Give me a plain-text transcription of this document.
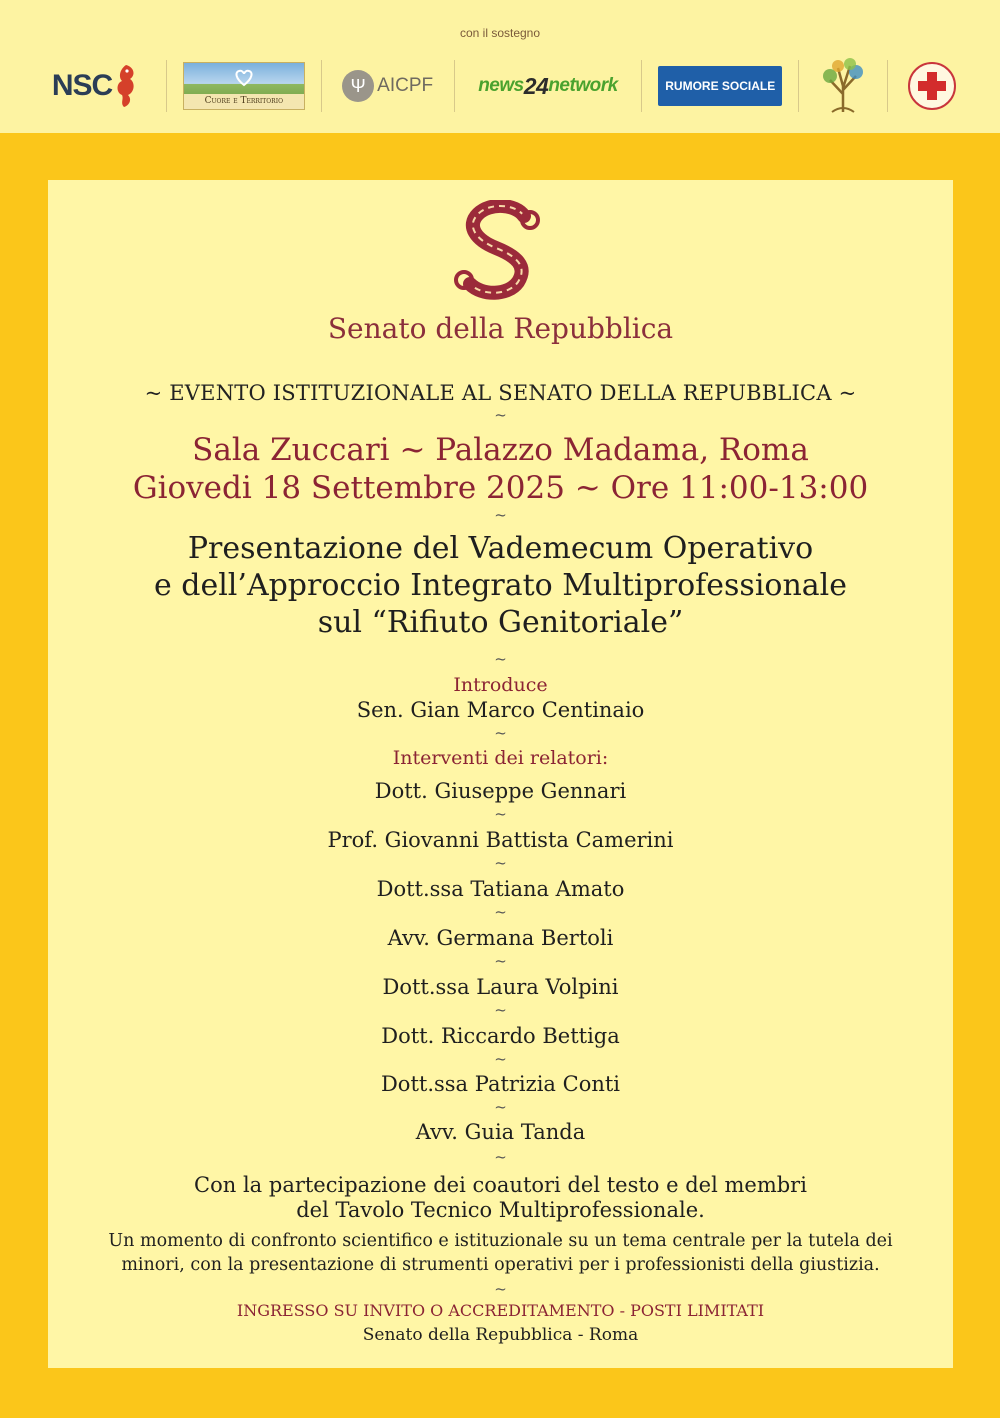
con il sostegno
NSC	Cuore e Territorio
Ψ AICPF news 24 network	RUMORE SOCIALE
Senato della Repubblica
~ EVENTO ISTITUZIONALE AL SENATO DELLA REPUBBLICA ~
~
Sala Zuccari ~ Palazzo Madama, Roma
Giovedi 18 Settembre 2025 ~ Ore 11:00-13:00
~
Presentazione del Vademecum Operativo
e dell’Approccio Integrato Multiprofessionale
sul “Rifiuto Genitoriale”
~
Introduce
Sen. Gian Marco Centinaio
~
Interventi dei relatori:
Dott. Giuseppe Gennari
~
Prof. Giovanni Battista Camerini
~
Dott.ssa Tatiana Amato
~
Avv. Germana Bertoli
~
Dott.ssa Laura Volpini
~
Dott. Riccardo Bettiga
~
Dott.ssa Patrizia Conti
~
Avv. Guia Tanda
~
Con la partecipazione dei coautori del testo e del membri
del Tavolo Tecnico Multiprofessionale.
Un momento di confronto scientifico e istituzionale su un tema centrale per la tutela dei
minori, con la presentazione di strumenti operativi per i professionisti della giustizia.
~
INGRESSO SU INVITO O ACCREDITAMENTO - POSTI LIMITATI
Senato della Repubblica - Roma
